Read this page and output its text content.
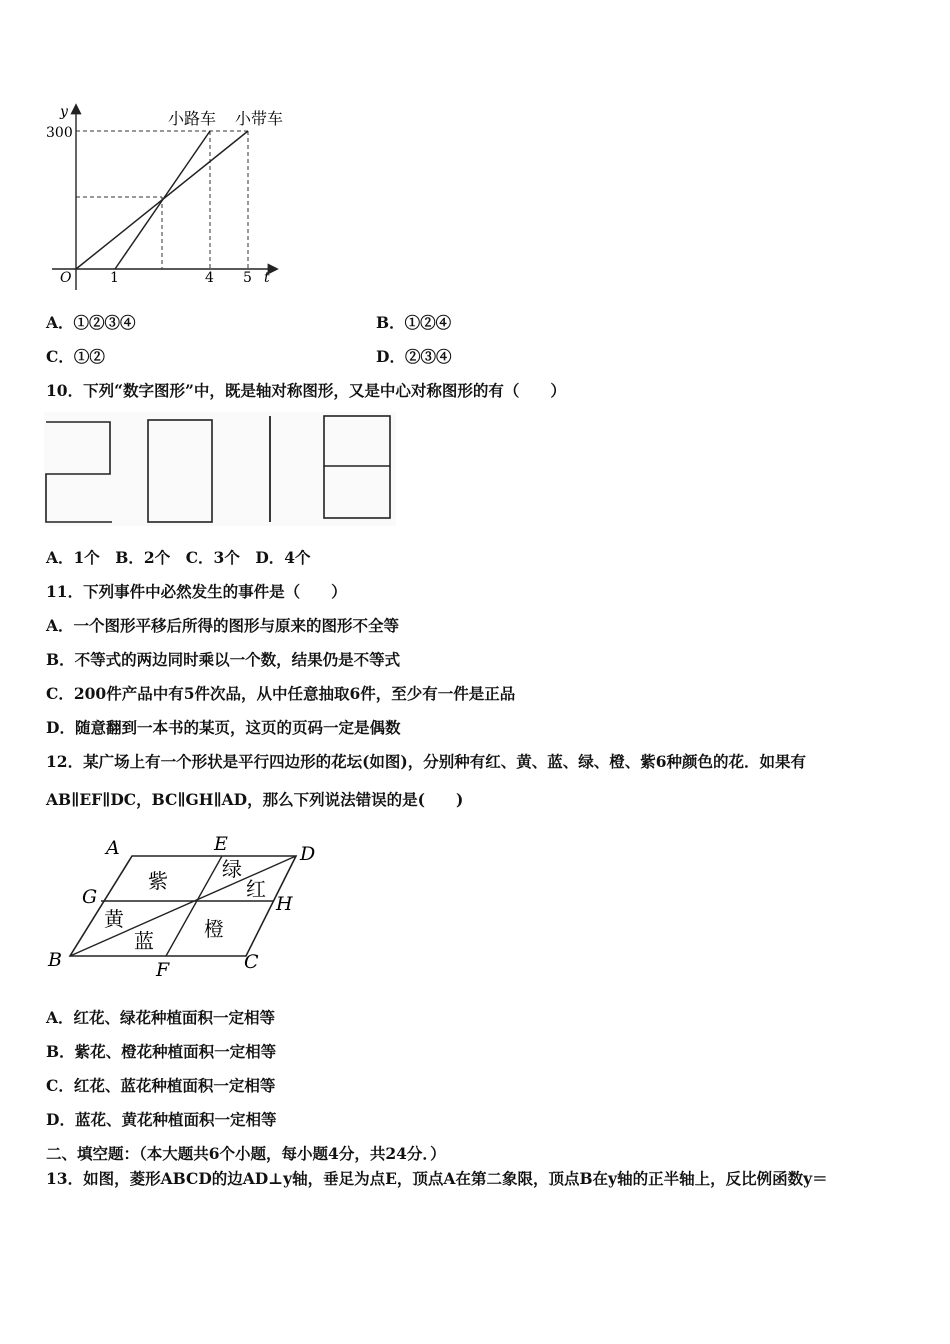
y
300
O	1	4 5 t
小路车 小带车
A．①②③④	B．①②④
C．①②	D．②③④
10．下列“数字图形”中，既是轴对称图形，又是中心对称图形的有（　　）
A．1个　B．2个　C．3个　D．4个
11．下列事件中必然发生的事件是（　　）
A．一个图形平移后所得的图形与原来的图形不全等
B．不等式的两边同时乘以一个数，结果仍是不等式
C．200件产品中有5件次品，从中任意抽取6件，至少有一件是正品
D．随意翻到一本书的某页，这页的页码一定是偶数
12．某广场上有一个形状是平行四边形的花坛(如图)，分别种有红、黄、蓝、绿、橙、紫6种颜色的花．如果有
AB∥EF∥DC，BC∥GH∥AD，那么下列说法错误的是(　　)
A	E	D
G	H
B	F	C
紫	绿
红
黄
蓝	橙
A．红花、绿花种植面积一定相等
B．紫花、橙花种植面积一定相等
C．红花、蓝花种植面积一定相等
D．蓝花、黄花种植面积一定相等
二、填空题：（本大题共6个小题，每小题4分，共24分．）
13．如图，菱形ABCD的边AD⊥y轴，垂足为点E，顶点A在第二象限，顶点B在y轴的正半轴上，反比例函数y＝
